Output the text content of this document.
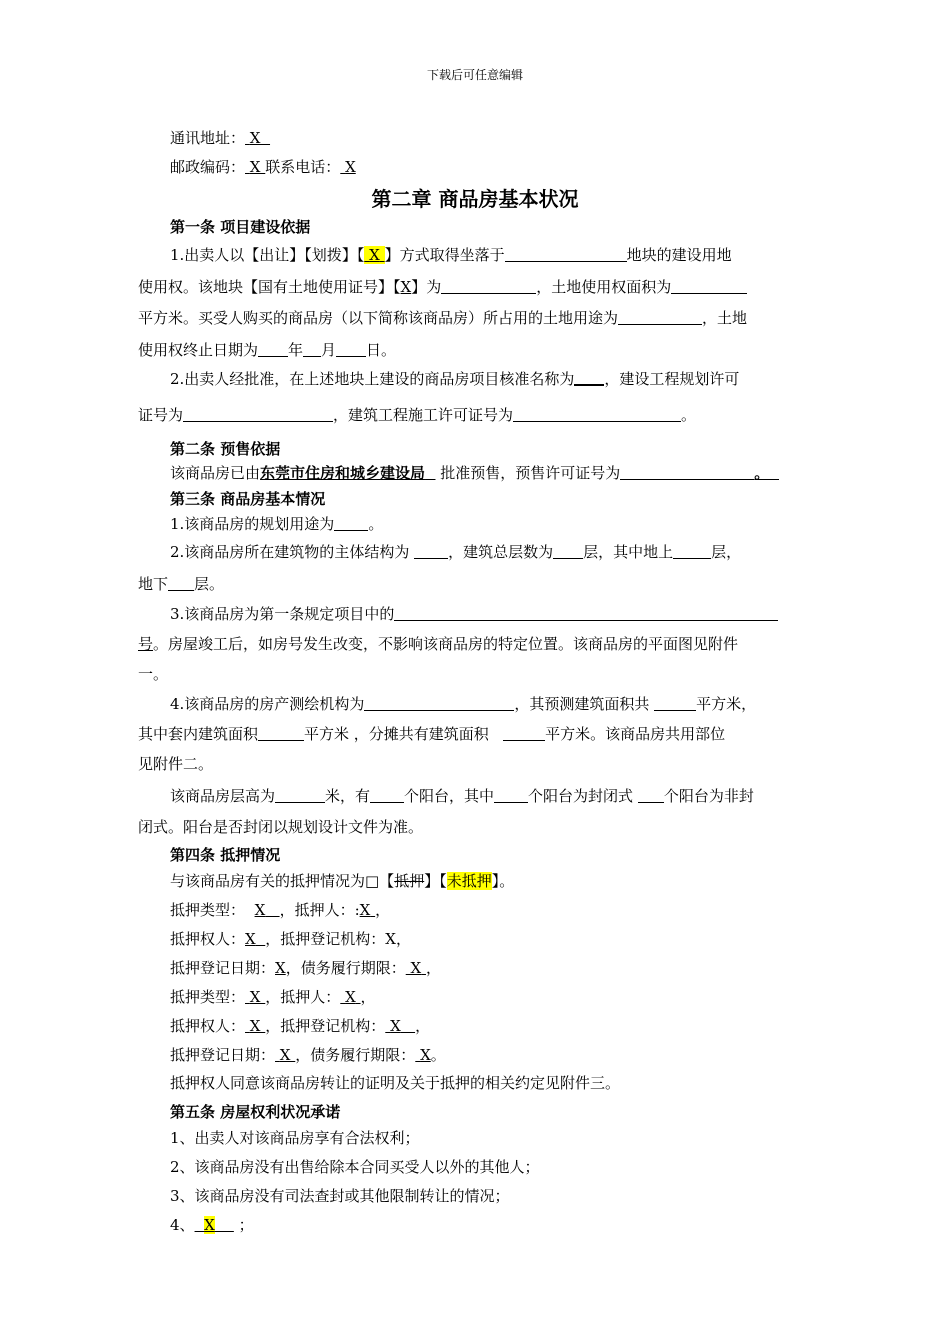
下载后可任意编辑
通讯地址： X
邮政编码： X 联系电话： X
第二章 商品房基本状况
第一条 项目建设依据
1.出卖人以【出让】【划拨】【 X 】方式取得坐落于	地块的建设用地
使用权。该地块【国有土地使用证号】【X】为	，土地使用权面积为
平方米。买受人购买的商品房（以下简称该商品房）所占用的土地用途为	，土地
使用权终止日期为 年 月 日。
2.出卖人经批准，在上述地块上建设的商品房项目核准名称为 ，建设工程规划许可
证号为	，建筑工程施工许可证号为	。
第二条 预售依据
该商品房已由东莞市住房和城乡建设局 批准预售，预售许可证号为	。
第三条 商品房基本情况
1.该商品房的规划用途为 。
2.该商品房所在建筑物的主体结构为	，建筑总层数为 层，其中地上	层，
地下 层。
3.该商品房为第一条规定项目中的
号。房屋竣工后，如房号发生改变，不影响该商品房的特定位置。该商品房的平面图见附件
一。
4.该商品房的房产测绘机构为	，其预测建筑面积共	平方米，
其中套内建筑面积	平方米 ，分摊共有建筑面积	平方米。该商品房共用部位
见附件二。
该商品房层高为	米，有 个阳台，其中 个阳台为封闭式 个阳台为非封
闭式。阳台是否封闭以规划设计文件为准。
第四条 抵押情况
与该商品房有关的抵押情况为□【抵押】【未抵押】。
抵押类型： X ，抵押人：:X ，
抵押权人：X ，抵押登记机构：X，
抵押登记日期：X，债务履行期限： X ，
抵押类型： X ，抵押人： X ，
抵押权人： X ，抵押登记机构： X ，
抵押登记日期： X ，债务履行期限： X。
抵押权人同意该商品房转让的证明及关于抵押的相关约定见附件三。
第五条 房屋权利状况承诺
1、出卖人对该商品房享有合法权利；
2、该商品房没有出售给除本合同买受人以外的其他人；
3、该商品房没有司法查封或其他限制转让的情况；
4、 X ；
